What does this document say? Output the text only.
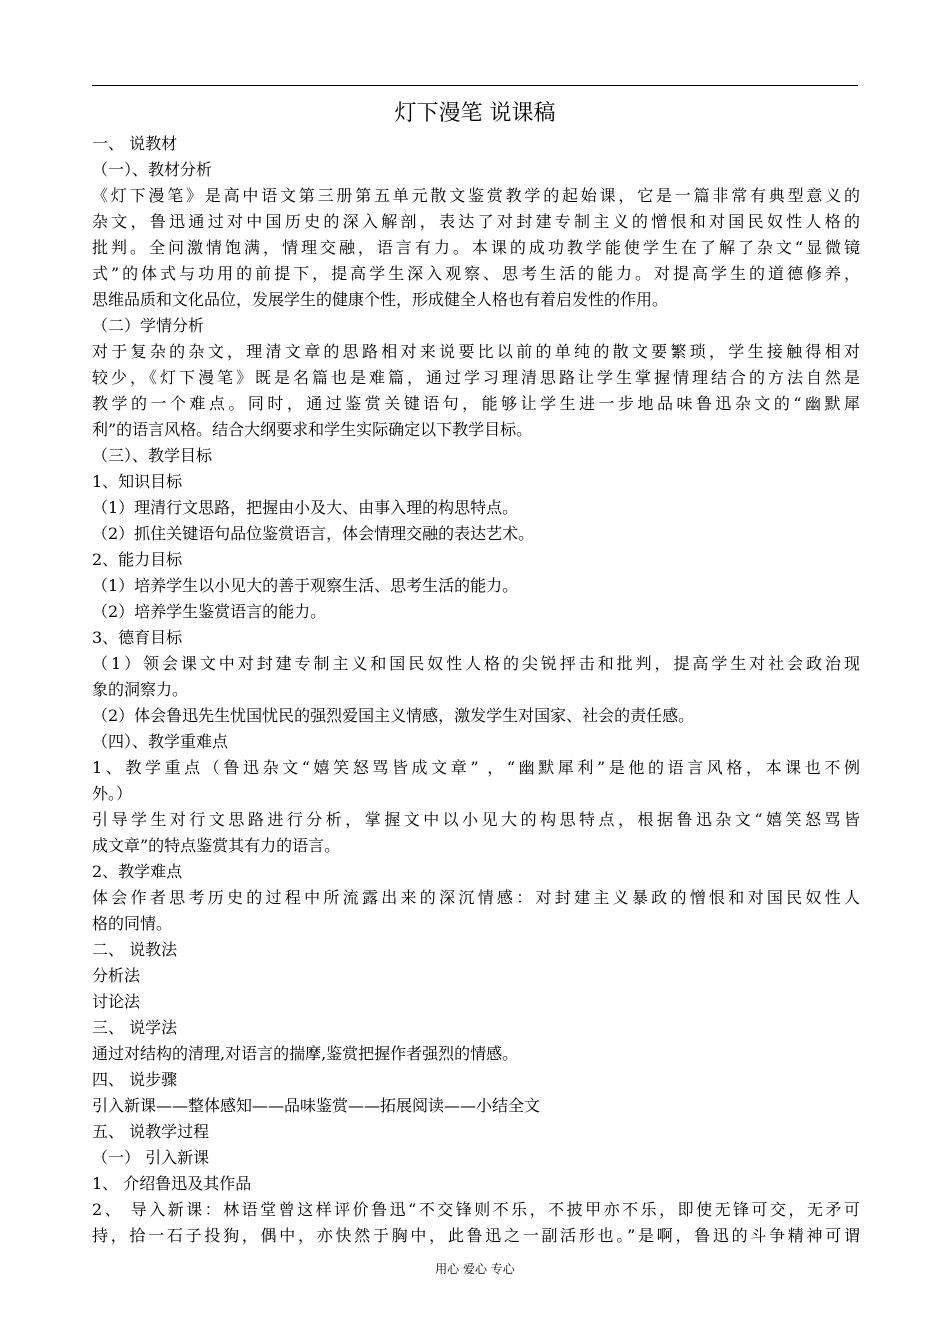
灯下漫笔 说课稿
一、 说教材
（一）、教材分析
《灯下漫笔》是高中语文第三册第五单元散文鉴赏教学的起始课，它是一篇非常有典型意义的
杂文，鲁迅通过对中国历史的深入解剖，表达了对封建专制主义的憎恨和对国民奴性人格的
批判。全问激情饱满，情理交融，语言有力。本课的成功教学能使学生在了解了杂文“显微镜
式”的体式与功用的前提下，提高学生深入观察、思考生活的能力。对提高学生的道德修养，
思维品质和文化品位，发展学生的健康个性，形成健全人格也有着启发性的作用。
（二）学情分析
对于复杂的杂文，理清文章的思路相对来说要比以前的单纯的散文要繁琐，学生接触得相对
较少，《灯下漫笔》既是名篇也是难篇，通过学习理清思路让学生掌握情理结合的方法自然是
教学的一个难点。同时，通过鉴赏关键语句，能够让学生进一步地品味鲁迅杂文的“幽默犀
利”的语言风格。结合大纲要求和学生实际确定以下教学目标。
（三）、教学目标
1、知识目标
（1）理清行文思路，把握由小及大、由事入理的构思特点。
（2）抓住关键语句品位鉴赏语言，体会情理交融的表达艺术。
2、能力目标
（1）培养学生以小见大的善于观察生活、思考生活的能力。
（2）培养学生鉴赏语言的能力。
3、德育目标
（1）领会课文中对封建专制主义和国民奴性人格的尖锐抨击和批判，提高学生对社会政治现
象的洞察力。
（2）体会鲁迅先生忧国忧民的强烈爱国主义情感，激发学生对国家、社会的责任感。
（四）、教学重难点
1、教学重点（鲁迅杂文“嬉笑怒骂皆成文章” ，“幽默犀利”是他的语言风格，本课也不例
外。）
引导学生对行文思路进行分析，掌握文中以小见大的构思特点，根据鲁迅杂文“嬉笑怒骂皆
成文章”的特点鉴赏其有力的语言。
2、教学难点
体会作者思考历史的过程中所流露出来的深沉情感：对封建主义暴政的憎恨和对国民奴性人
格的同情。
二、 说教法
分析法
讨论法
三、 说学法
通过对结构的清理,对语言的揣摩,鉴赏把握作者强烈的情感。
四、 说步骤
引入新课——整体感知——品味鉴赏——拓展阅读——小结全文
五、 说教学过程
（一） 引入新课
1、 介绍鲁迅及其作品
2、 导入新课：林语堂曾这样评价鲁迅“不交锋则不乐，不披甲亦不乐，即使无锋可交，无矛可
持，拾一石子投狗，偶中，亦快然于胸中，此鲁迅之一副活形也。”是啊，鲁迅的斗争精神可谓
用心 爱心 专心
